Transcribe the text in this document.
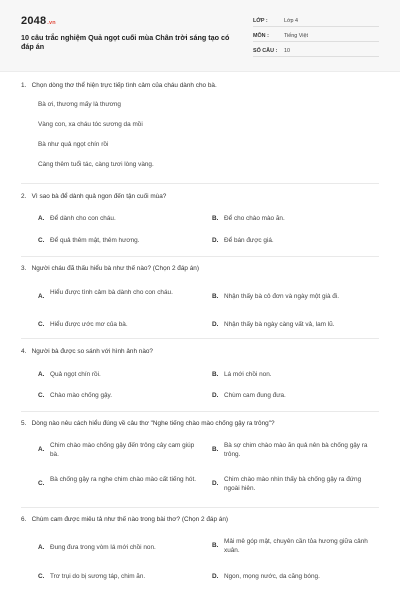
2048.vn
10 câu trắc nghiệm Quả ngọt cuối mùa Chân trời sáng tạo có đáp án
LỚP :	Lớp 4
MÔN :	Tiếng Việt
SỐ CÂU : 10
1. Chọn dòng thơ thể hiện trực tiếp tình cảm của cháu dành cho bà.
Bà ơi, thương mấy là thương
Vàng con, xa cháu tóc sương da mồi
Bà như quả ngọt chín rồi
Càng thêm tuổi tác, càng tươi lòng vàng.
2. Vì sao bà để dành quả ngon đến tận cuối mùa?
A. Để dành cho con cháu.	B. Để cho chào mào ăn.
C. Để quả thêm mật, thêm hương.	D. Để bán được giá.
3. Người cháu đã thấu hiểu bà như thế nào? (Chọn 2 đáp án)
A.
Hiểu được tình cảm bà dành cho con cháu.
B. Nhận thấy bà cô đơn và ngày một già đi.
C. Hiểu được ước mơ của bà.	D. Nhận thấy bà ngày càng vất vả, lam lũ.
4. Người bà được so sánh với hình ảnh nào?
A. Quả ngọt chín rồi.	B. Lá mới chồi non.
C. Chào mào chống gậy.	D. Chùm cam đung đưa.
5. Dòng nào nêu cách hiểu đúng về câu thơ "Nghe tiếng chào mào chống gậy ra trông"?
A.
Chim chào mào chống gậy đến trông cây cam giúp bà.
B.
Bà sợ chim chào mào ăn quả nên bà chống gậy ra trông.
C.
Bà chống gậy ra nghe chim chào mào cất tiếng hót.
D.
Chim chào mào nhìn thấy bà chống gậy ra đứng ngoài hiên.
6. Chùm cam được miêu tả như thế nào trong bài thơ? (Chọn 2 đáp án)
A. Đung đưa trong vòm lá mới chồi non.	B.
Mải mê góp mật, chuyên cần tỏa hương giữa cảnh xuân.
C. Trơ trụi do bị sương táp, chim ăn.	D. Ngon, mọng nước, da căng bóng.
